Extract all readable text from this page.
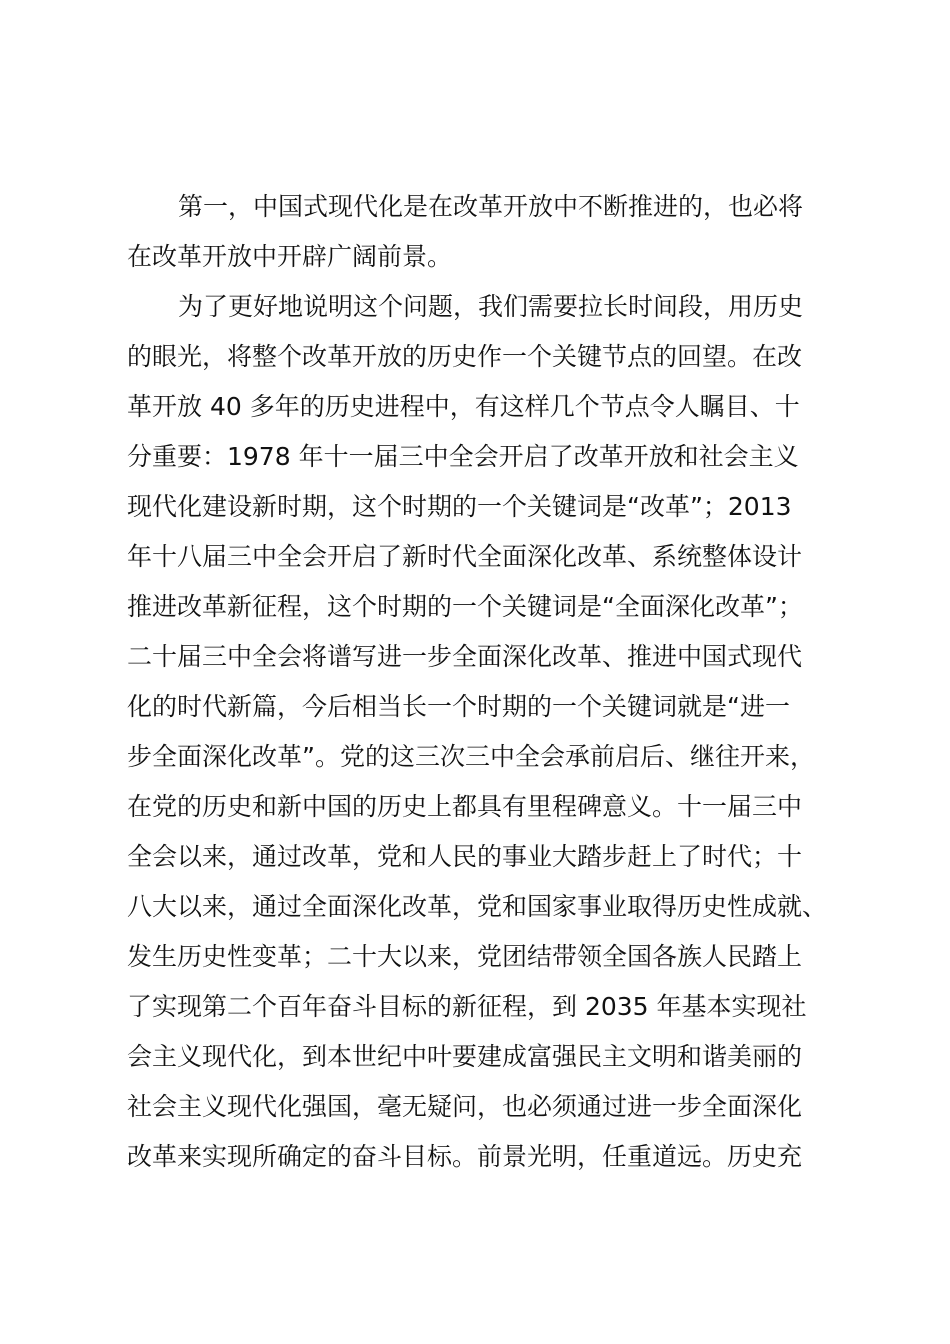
第一，中国式现代化是在改革开放中不断推进的，也必将
在改革开放中开辟广阔前景。
为了更好地说明这个问题，我们需要拉长时间段，用历史
的眼光，将整个改革开放的历史作一个关键节点的回望。在改
革开放 40 多年的历史进程中，有这样几个节点令人瞩目、十
分重要：1978 年十一届三中全会开启了改革开放和社会主义
现代化建设新时期，这个时期的一个关键词是“改革”；2013
年十八届三中全会开启了新时代全面深化改革、系统整体设计
推进改革新征程，这个时期的一个关键词是“全面深化改革”；
二十届三中全会将谱写进一步全面深化改革、推进中国式现代
化的时代新篇，今后相当长一个时期的一个关键词就是“进一
步全面深化改革”。党的这三次三中全会承前启后、继往开来，
在党的历史和新中国的历史上都具有里程碑意义。十一届三中
全会以来，通过改革，党和人民的事业大踏步赶上了时代；十
八大以来，通过全面深化改革，党和国家事业取得历史性成就、
发生历史性变革；二十大以来，党团结带领全国各族人民踏上
了实现第二个百年奋斗目标的新征程，到 2035 年基本实现社
会主义现代化，到本世纪中叶要建成富强民主文明和谐美丽的
社会主义现代化强国，毫无疑问，也必须通过进一步全面深化
改革来实现所确定的奋斗目标。前景光明，任重道远。历史充
